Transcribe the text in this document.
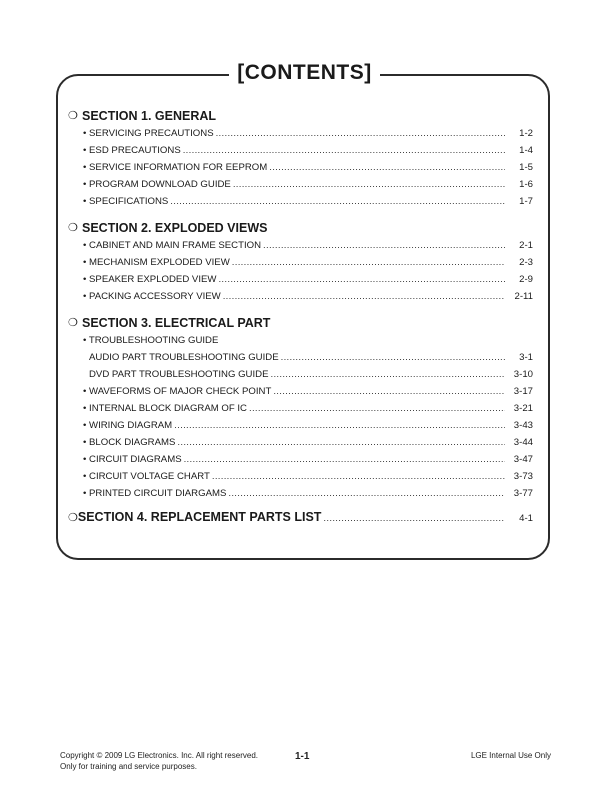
[CONTENTS]
❍ SECTION 1. GENERAL
• SERVICING PRECAUTIONS .....	1-2
• ESD PRECAUTIONS .....	1-4
• SERVICE INFORMATION FOR EEPROM .....	1-5
• PROGRAM DOWNLOAD GUIDE .....	1-6
• SPECIFICATIONS .....	1-7
❍ SECTION 2. EXPLODED VIEWS
• CABINET AND MAIN FRAME SECTION .....	2-1
• MECHANISM EXPLODED VIEW .....	2-3
• SPEAKER EXPLODED VIEW .....	2-9
• PACKING ACCESSORY VIEW .....	2-11
❍ SECTION 3. ELECTRICAL PART
• TROUBLESHOOTING GUIDE
AUDIO PART TROUBLESHOOTING GUIDE .....	3-1
DVD PART TROUBLESHOOTING GUIDE .....	3-10
• WAVEFORMS OF MAJOR CHECK POINT .....	3-17
• INTERNAL BLOCK DIAGRAM OF IC .....	3-21
• WIRING DIAGRAM .....	3-43
• BLOCK DIAGRAMS .....	3-44
• CIRCUIT DIAGRAMS .....	3-47
• CIRCUIT VOLTAGE CHART .....	3-73
• PRINTED CIRCUIT DIARGAMS .....	3-77
❍ SECTION 4. REPLACEMENT PARTS LIST .....	4-1
Copyright © 2009 LG Electronics. Inc. All right reserved.
Only for training and service purposes.
1-1	LGE Internal Use Only
